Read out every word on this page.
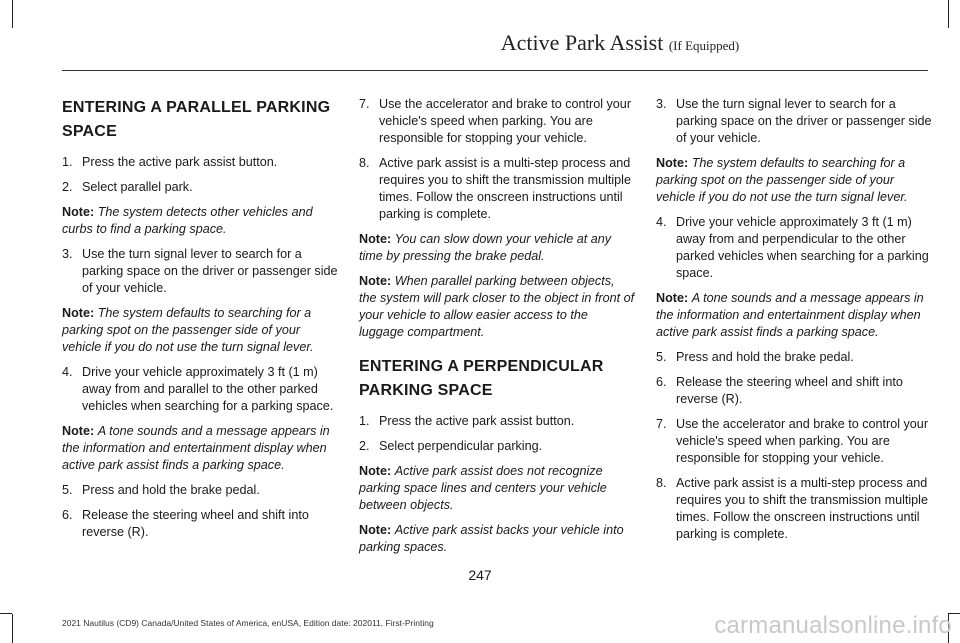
Active Park Assist (If Equipped)
ENTERING A PARALLEL PARKING
SPACE
1. Press the active park assist button.
2. Select parallel park.

Note: The system detects other vehicles and curbs to find a parking space.

3. Use the turn signal lever to search for a parking space on the driver or passenger side of your vehicle.

Note: The system defaults to searching for a parking spot on the passenger side of your vehicle if you do not use the turn signal lever.

4. Drive your vehicle approximately 3 ft (1 m) away from and parallel to the other parked vehicles when searching for a parking space.

Note: A tone sounds and a message appears in the information and entertainment display when active park assist finds a parking space.

5. Press and hold the brake pedal.
6. Release the steering wheel and shift into reverse (R).
7. Use the accelerator and brake to control your vehicle's speed when parking. You are responsible for stopping your vehicle.
8. Active park assist is a multi-step process and requires you to shift the transmission multiple times. Follow the onscreen instructions until parking is complete.

Note: You can slow down your vehicle at any time by pressing the brake pedal.

Note: When parallel parking between objects, the system will park closer to the object in front of your vehicle to allow easier access to the luggage compartment.

ENTERING A PERPENDICULAR
PARKING SPACE
1. Press the active park assist button.
2. Select perpendicular parking.

Note: Active park assist does not recognize parking space lines and centers your vehicle between objects.

Note: Active park assist backs your vehicle into parking spaces.

3. Use the turn signal lever to search for a parking space on the driver or passenger side of your vehicle.

Note: The system defaults to searching for a parking spot on the passenger side of your vehicle if you do not use the turn signal lever.

4. Drive your vehicle approximately 3 ft (1 m) away from and perpendicular to the other parked vehicles when searching for a parking space.

Note: A tone sounds and a message appears in the information and entertainment display when active park assist finds a parking space.

5. Press and hold the brake pedal.
6. Release the steering wheel and shift into reverse (R).
7. Use the accelerator and brake to control your vehicle's speed when parking. You are responsible for stopping your vehicle.
8. Active park assist is a multi-step process and requires you to shift the transmission multiple times. Follow the onscreen instructions until parking is complete.
247
2021 Nautilus (CD9) Canada/United States of America, enUSA, Edition date: 202011, First-Printing	carmanualsonline.info
